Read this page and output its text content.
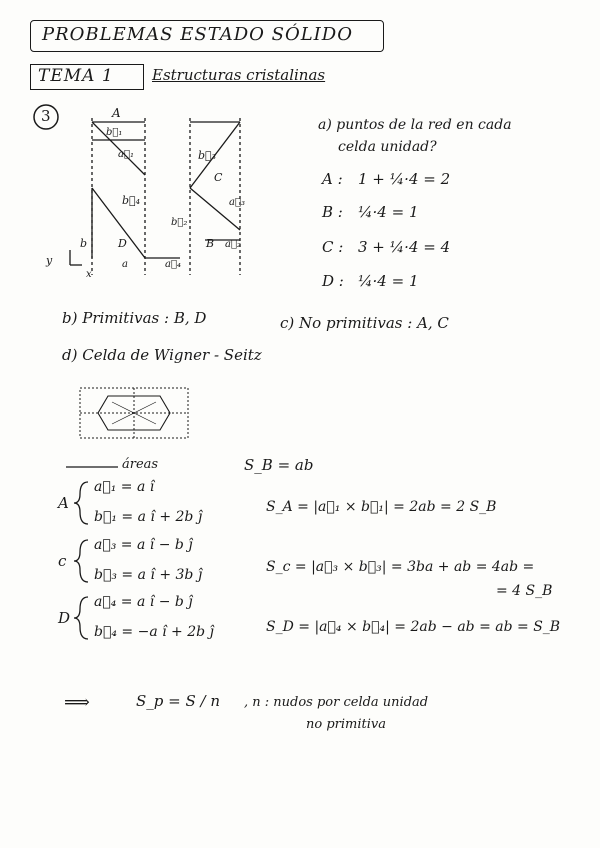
PROBLEMAS ESTADO SÓLIDO
TEMA 1	Estructuras cristalinas
3	A
b⃗₁
a⃗₁
b⃗₄
D
b
a	a⃗₄
b⃗₃
C
a⃗₃
b⃗₂
B a⃗₂
y
x
a) puntos de la red en cada
celda unidad?
A : 1 + ¼·4 = 2
B : ¼·4 = 1
C : 3 + ¼·4 = 4
D : ¼·4 = 1
b) Primitivas : B, D	c) No primitivas : A, C
d) Celda de Wigner - Seitz
áreas	S_B = ab
A
a⃗₁ = a î
b⃗₁ = a î + 2b ĵ
S_A = |a⃗₁ × b⃗₁| = 2ab = 2 S_B
c
a⃗₃ = a î − b ĵ
b⃗₃ = a î + 3b ĵ	S_c = |a⃗₃ × b⃗₃| = 3ba + ab = 4ab =
= 4 S_B
D
a⃗₄ = a î − b ĵ
b⃗₄ = −a î + 2b ĵ	S_D = |a⃗₄ × b⃗₄| = 2ab − ab = ab = S_B
⟹	S_p = S / n , n : nudos por celda unidad
no primitiva
